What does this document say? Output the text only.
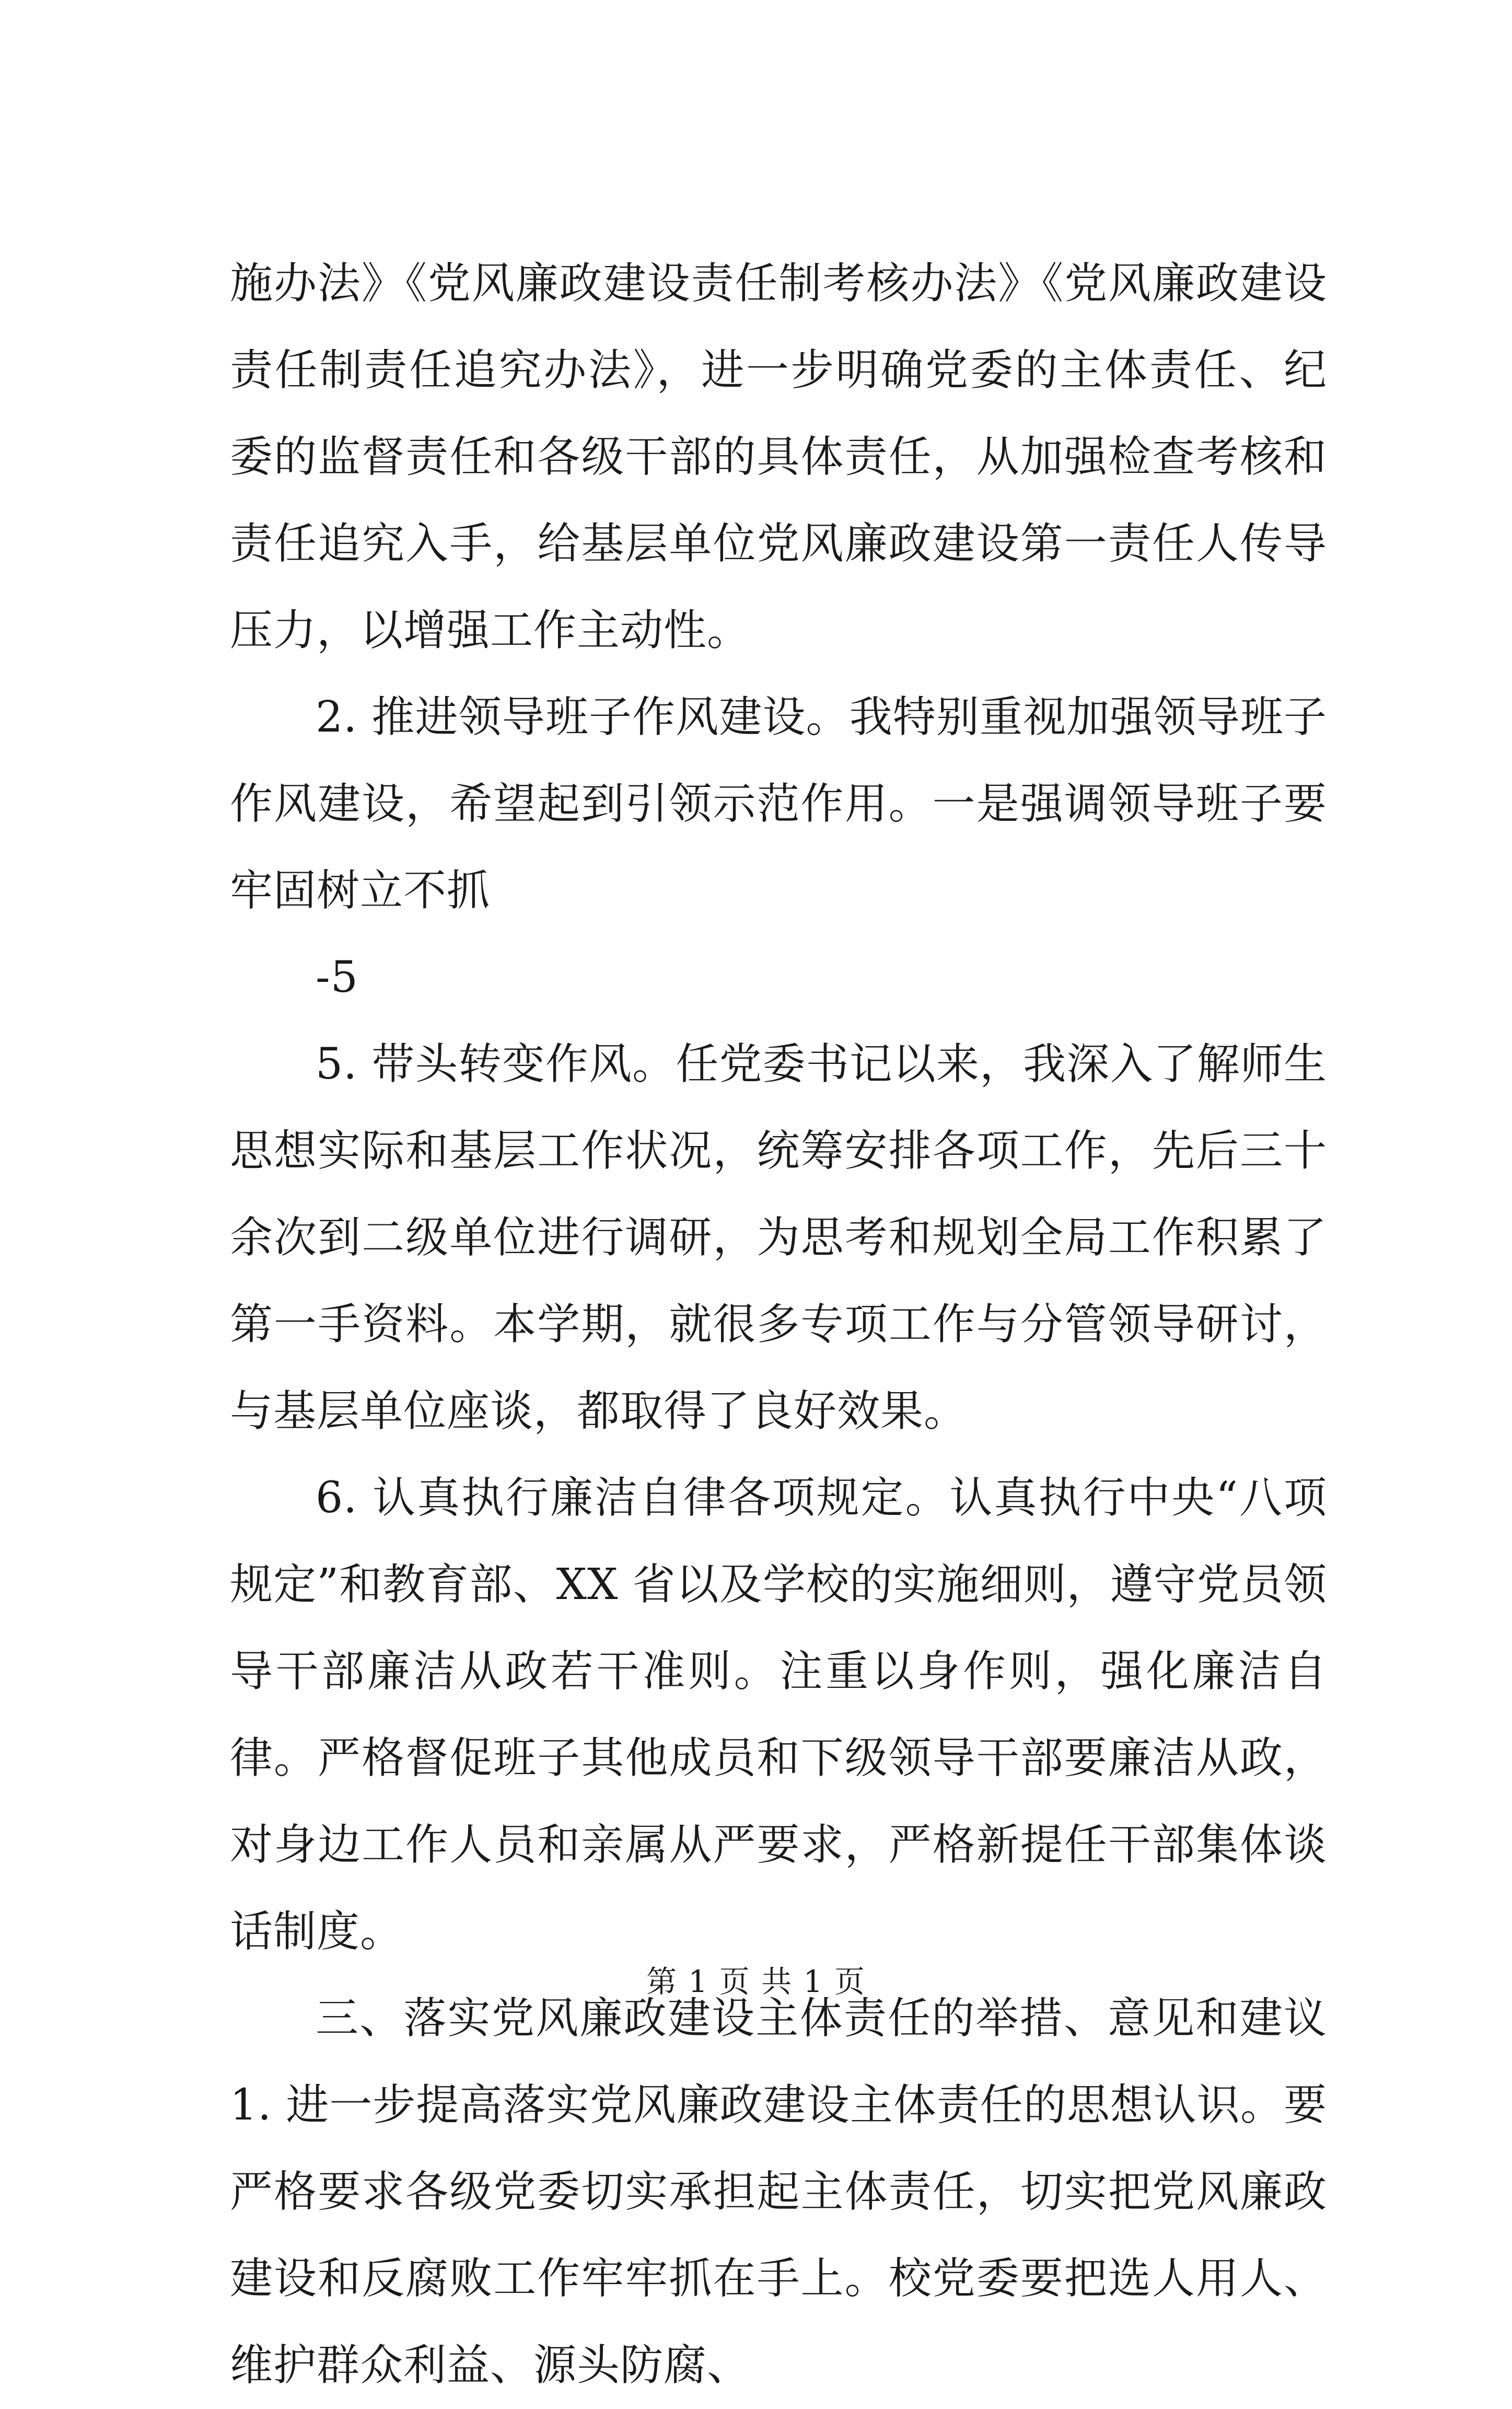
施办法》《党风廉政建设责任制考核办法》《党风廉政建设责任制责任追究办法》，进一步明确党委的主体责任、纪委的监督责任和各级干部的具体责任，从加强检查考核和责任追究入手，给基层单位党风廉政建设第一责任人传导压力，以增强工作主动性。

2. 推进领导班子作风建设。我特别重视加强领导班子作风建设，希望起到引领示范作用。一是强调领导班子要牢固树立不抓

-5

5. 带头转变作风。任党委书记以来，我深入了解师生思想实际和基层工作状况，统筹安排各项工作，先后三十余次到二级单位进行调研，为思考和规划全局工作积累了第一手资料。本学期，就很多专项工作与分管领导研讨，与基层单位座谈，都取得了良好效果。

6. 认真执行廉洁自律各项规定。认真执行中央“八项规定”和教育部、XX 省以及学校的实施细则，遵守党员领导干部廉洁从政若干准则。注重以身作则，强化廉洁自律。严格督促班子其他成员和下级领导干部要廉洁从政，对身边工作人员和亲属从严要求，严格新提任干部集体谈话制度。

三、落实党风廉政建设主体责任的举措、意见和建议 1. 进一步提高落实党风廉政建设主体责任的思想认识。要严格要求各级党委切实承担起主体责任，切实把党风廉政建设和反腐败工作牢牢抓在手上。校党委要把选人用人、维护群众利益、源头防腐、

第 1 页 共 1 页
